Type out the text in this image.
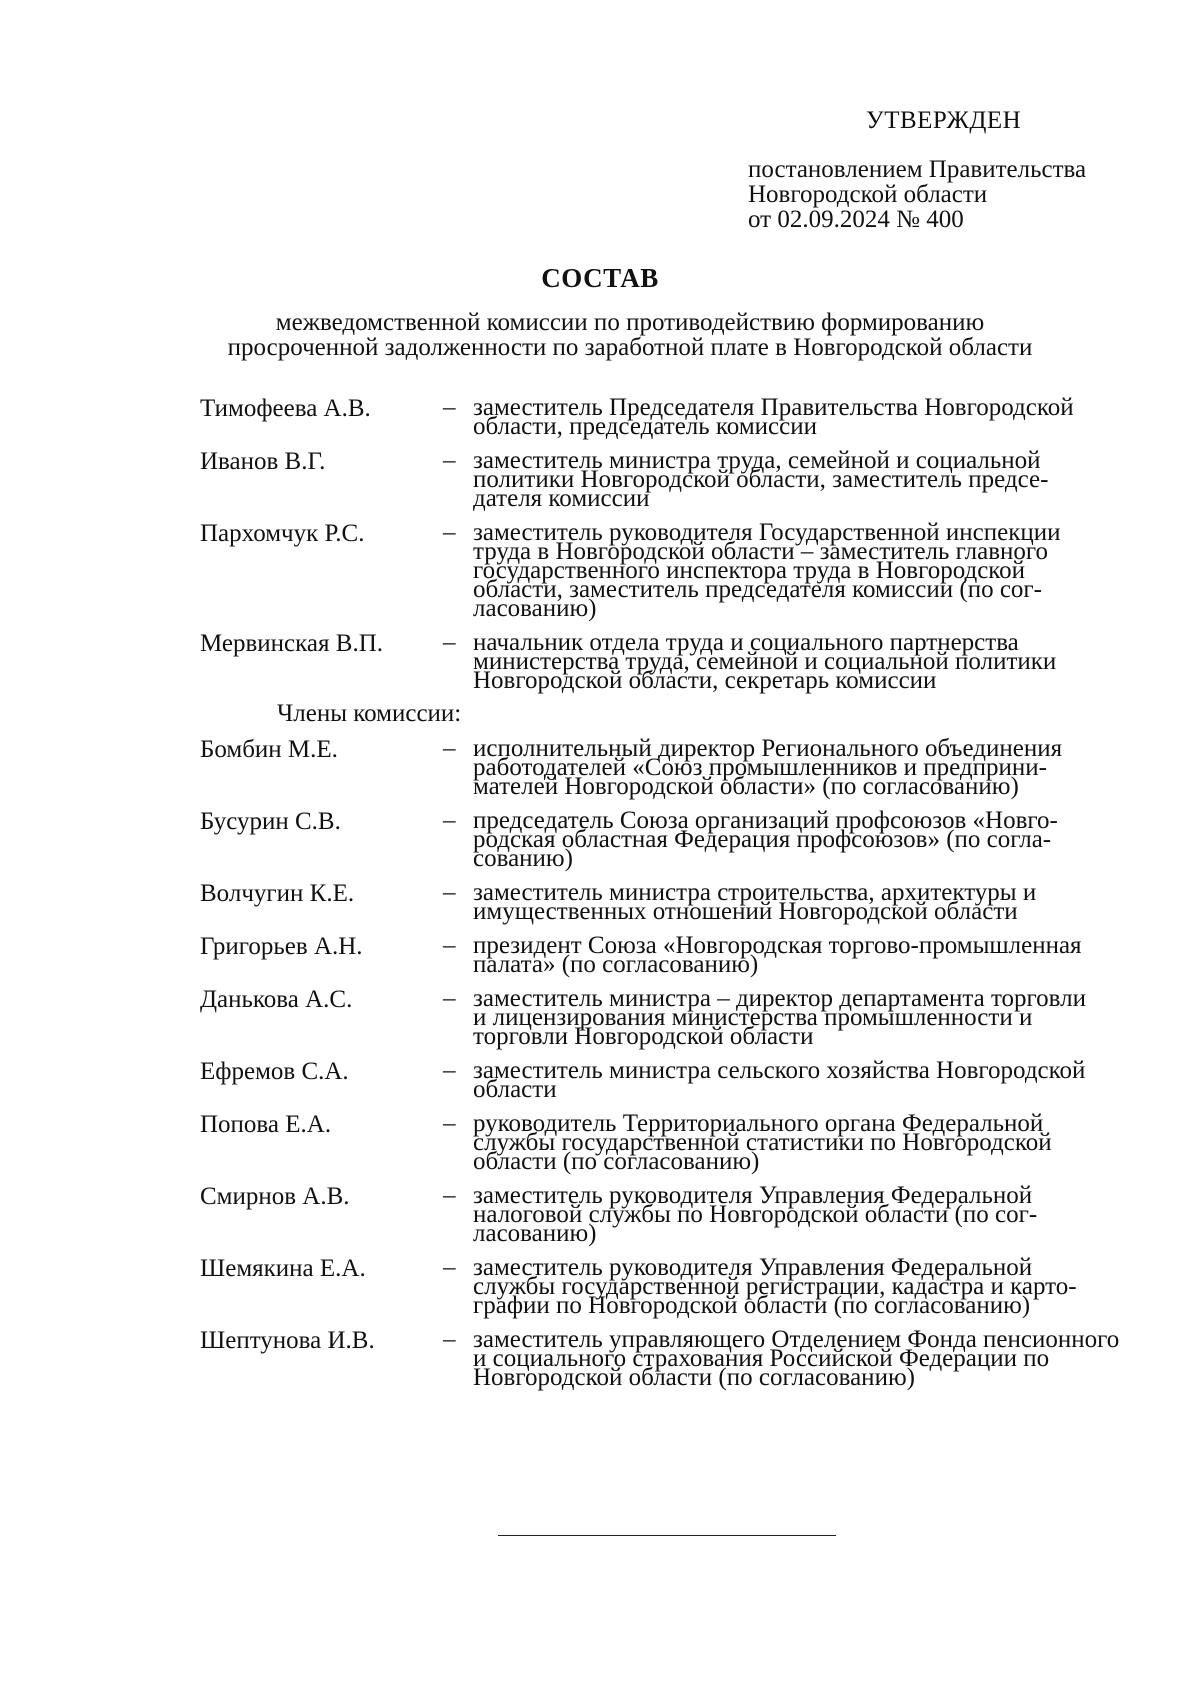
УТВЕРЖДЕН
постановлением Правительства
Новгородской области
от 02.09.2024 № 400
СОСТАВ
межведомственной комиссии по противодействию формированию
просроченной задолженности по заработной плате в Новгородской области
Тимофеева А.В.	– заместитель Председателя Правительства Новгородской
области, председатель комиссии
Иванов В.Г.	– заместитель министра труда, семейной и социальной
политики Новгородской области, заместитель предсе-
дателя комиссии
Пархомчук Р.С.	– заместитель руководителя Государственной инспекции
труда в Новгородской области – заместитель главного
государственного инспектора труда в Новгородской
области, заместитель председателя комиссии (по сог-
ласованию)
Мервинская В.П.	– начальник отдела труда и социального партнерства
министерства труда, семейной и социальной политики
Новгородской области, секретарь комиссии
Члены комиссии:
Бомбин М.Е.	– исполнительный директор Регионального объединения
работодателей «Союз промышленников и предприни-
мателей Новгородской области» (по согласованию)
Бусурин С.В.	– председатель Союза организаций профсоюзов «Новго-
родская областная Федерация профсоюзов» (по согла-
сованию)
Волчугин К.Е.	– заместитель министра строительства, архитектуры и
имущественных отношений Новгородской области
Григорьев А.Н.	– президент Союза «Новгородская торгово-промышленная
палата» (по согласованию)
Данькова А.С.	– заместитель министра – директор департамента торговли
и лицензирования министерства промышленности и
торговли Новгородской области
Ефремов С.А.	– заместитель министра сельского хозяйства Новгородской
области
Попова Е.А.	– руководитель Территориального органа Федеральной
службы государственной статистики по Новгородской
области (по согласованию)
Смирнов А.В.	– заместитель руководителя Управления Федеральной
налоговой службы по Новгородской области (по сог-
ласованию)
Шемякина Е.А.	– заместитель руководителя Управления Федеральной
службы государственной регистрации, кадастра и карто-
графии по Новгородской области (по согласованию)
Шептунова И.В.	– заместитель управляющего Отделением Фонда пенсионного
и социального страхования Российской Федерации по
Новгородской области (по согласованию)
